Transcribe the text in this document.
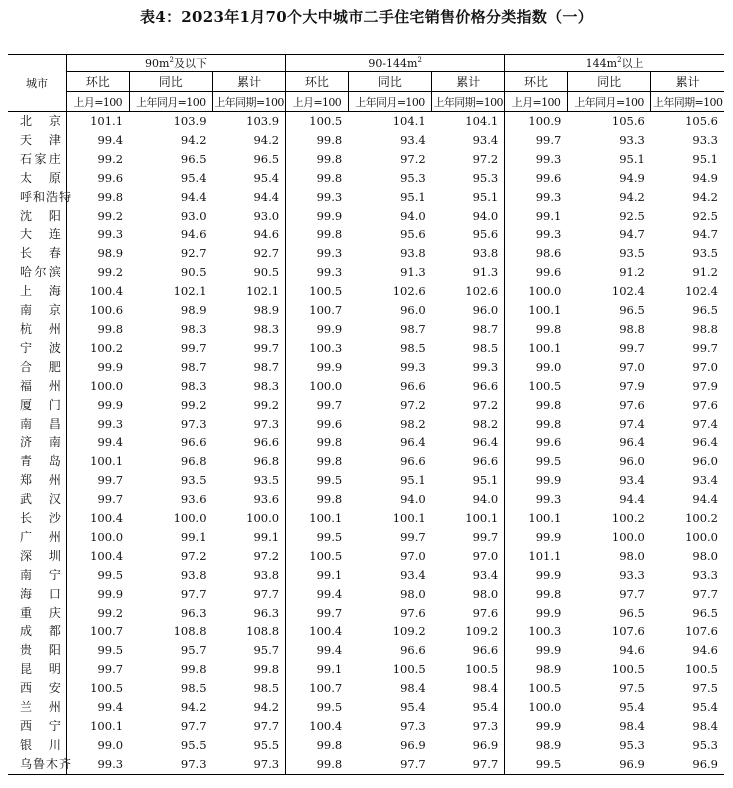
表4：2023年1月70个大中城市二手住宅销售价格分类指数（一）
城市	$90m^2$及以下			$90-144m^2$			$144m^2$以上		
	环比	同比	累计	环比	同比	累计	环比	同比	累计
	上月=100	上年同月=100	上年同期=100	上月=100	上年同月=100	上年同期=100	上月=100	上年同月=100	上年同期=100
北京	101.1	103.9	103.9	100.5	104.1	104.1	100.9	105.6	105.6
天津	99.4	94.2	94.2	99.8	93.4	93.4	99.7	93.3	93.3
石家庄	99.2	96.5	96.5	99.8	97.2	97.2	99.3	95.1	95.1
太原	99.6	95.4	95.4	99.8	95.3	95.3	99.6	94.9	94.9
呼和浩特	99.8	94.4	94.4	99.3	95.1	95.1	99.3	94.2	94.2
沈阳	99.2	93.0	93.0	99.9	94.0	94.0	99.1	92.5	92.5
大连	99.3	94.6	94.6	99.8	95.6	95.6	99.3	94.7	94.7
长春	98.9	92.7	92.7	99.3	93.8	93.8	98.6	93.5	93.5
哈尔滨	99.2	90.5	90.5	99.3	91.3	91.3	99.6	91.2	91.2
上海	100.4	102.1	102.1	100.5	102.6	102.6	100.0	102.4	102.4
南京	100.6	98.9	98.9	100.7	96.0	96.0	100.1	96.5	96.5
杭州	99.8	98.3	98.3	99.9	98.7	98.7	99.8	98.8	98.8
宁波	100.2	99.7	99.7	100.3	98.5	98.5	100.1	99.7	99.7
合肥	99.9	98.7	98.7	99.9	99.3	99.3	99.0	97.0	97.0
福州	100.0	98.3	98.3	100.0	96.6	96.6	100.5	97.9	97.9
厦门	99.9	99.2	99.2	99.7	97.2	97.2	99.8	97.6	97.6
南昌	99.3	97.3	97.3	99.6	98.2	98.2	99.8	97.4	97.4
济南	99.4	96.6	96.6	99.8	96.4	96.4	99.6	96.4	96.4
青岛	100.1	96.8	96.8	99.8	96.6	96.6	99.5	96.0	96.0
郑州	99.7	93.5	93.5	99.5	95.1	95.1	99.9	93.4	93.4
武汉	99.7	93.6	93.6	99.8	94.0	94.0	99.3	94.4	94.4
长沙	100.4	100.0	100.0	100.1	100.1	100.1	100.1	100.2	100.2
广州	100.0	99.1	99.1	99.5	99.7	99.7	99.9	100.0	100.0
深圳	100.4	97.2	97.2	100.5	97.0	97.0	101.1	98.0	98.0
南宁	99.5	93.8	93.8	99.1	93.4	93.4	99.9	93.3	93.3
海口	99.9	97.7	97.7	99.4	98.0	98.0	99.8	97.7	97.7
重庆	99.2	96.3	96.3	99.7	97.6	97.6	99.9	96.5	96.5
成都	100.7	108.8	108.8	100.4	109.2	109.2	100.3	107.6	107.6
贵阳	99.5	95.7	95.7	99.4	96.6	96.6	99.9	94.6	94.6
昆明	99.7	99.8	99.8	99.1	100.5	100.5	98.9	100.5	100.5
西安	100.5	98.5	98.5	100.7	98.4	98.4	100.5	97.5	97.5
兰州	99.4	94.2	94.2	99.5	95.4	95.4	100.0	95.4	95.4
西宁	100.1	97.7	97.7	100.4	97.3	97.3	99.9	98.4	98.4
银川	99.0	95.5	95.5	99.8	96.9	96.9	98.9	95.3	95.3
乌鲁木齐	99.3	97.3	97.3	99.8	97.7	97.7	99.5	96.9	96.9
